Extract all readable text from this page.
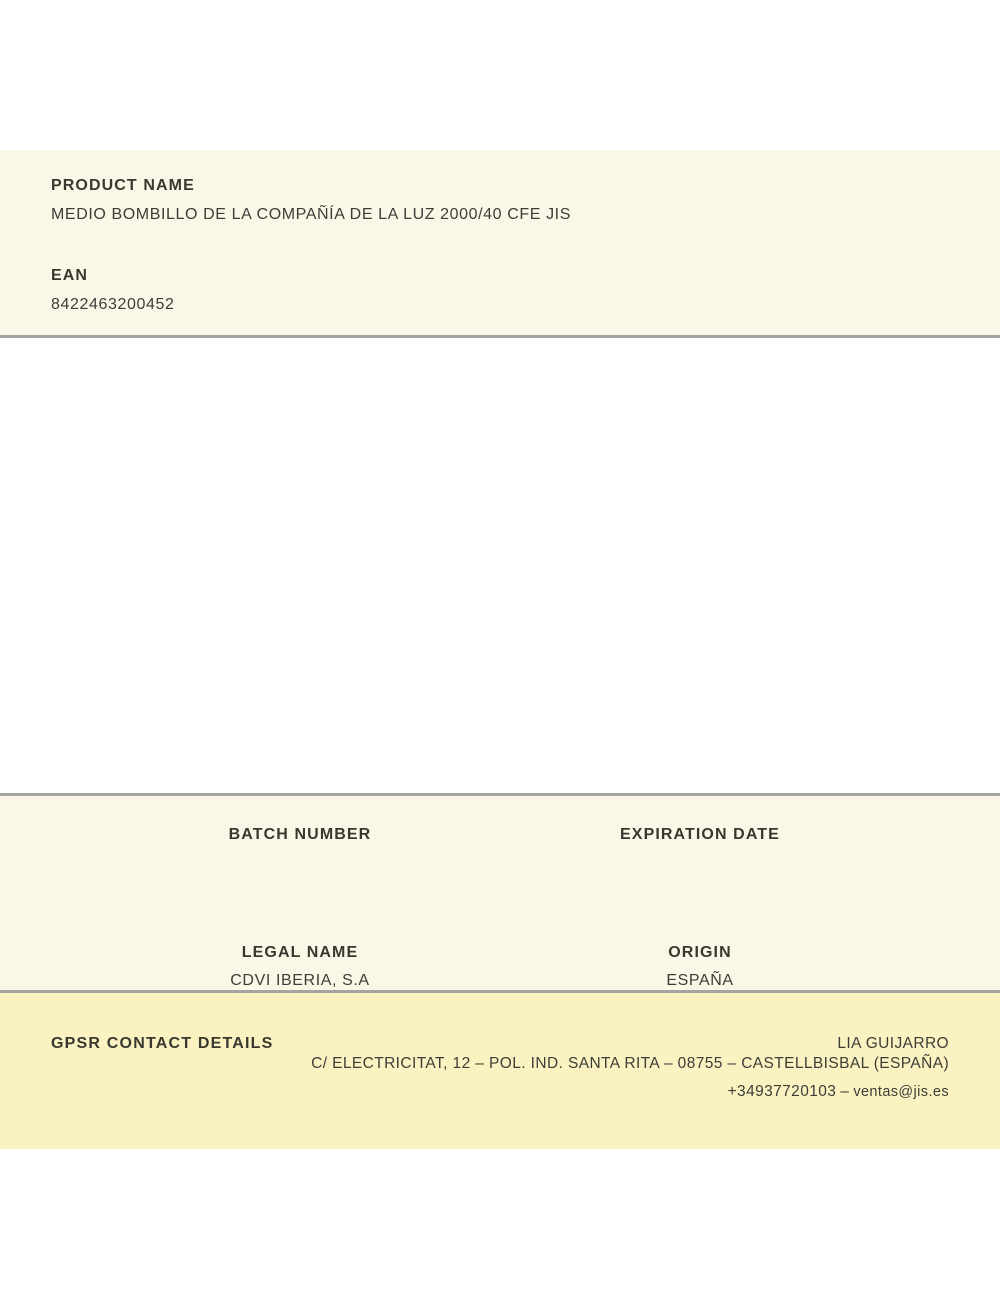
PRODUCT NAME
MEDIO BOMBILLO DE LA COMPAÑÍA DE LA LUZ 2000/40 CFE JIS
EAN
8422463200452
BATCH NUMBER	EXPIRATION DATE
LEGAL NAME
CDVI IBERIA, S.A
ORIGIN
ESPAÑA
GPSR CONTACT DETAILS	LIA GUIJARRO
C/ ELECTRICITAT, 12 – POL. IND. SANTA RITA – 08755 – CASTELLBISBAL (ESPAÑA)
+34937720103 – ventas@jis.es
